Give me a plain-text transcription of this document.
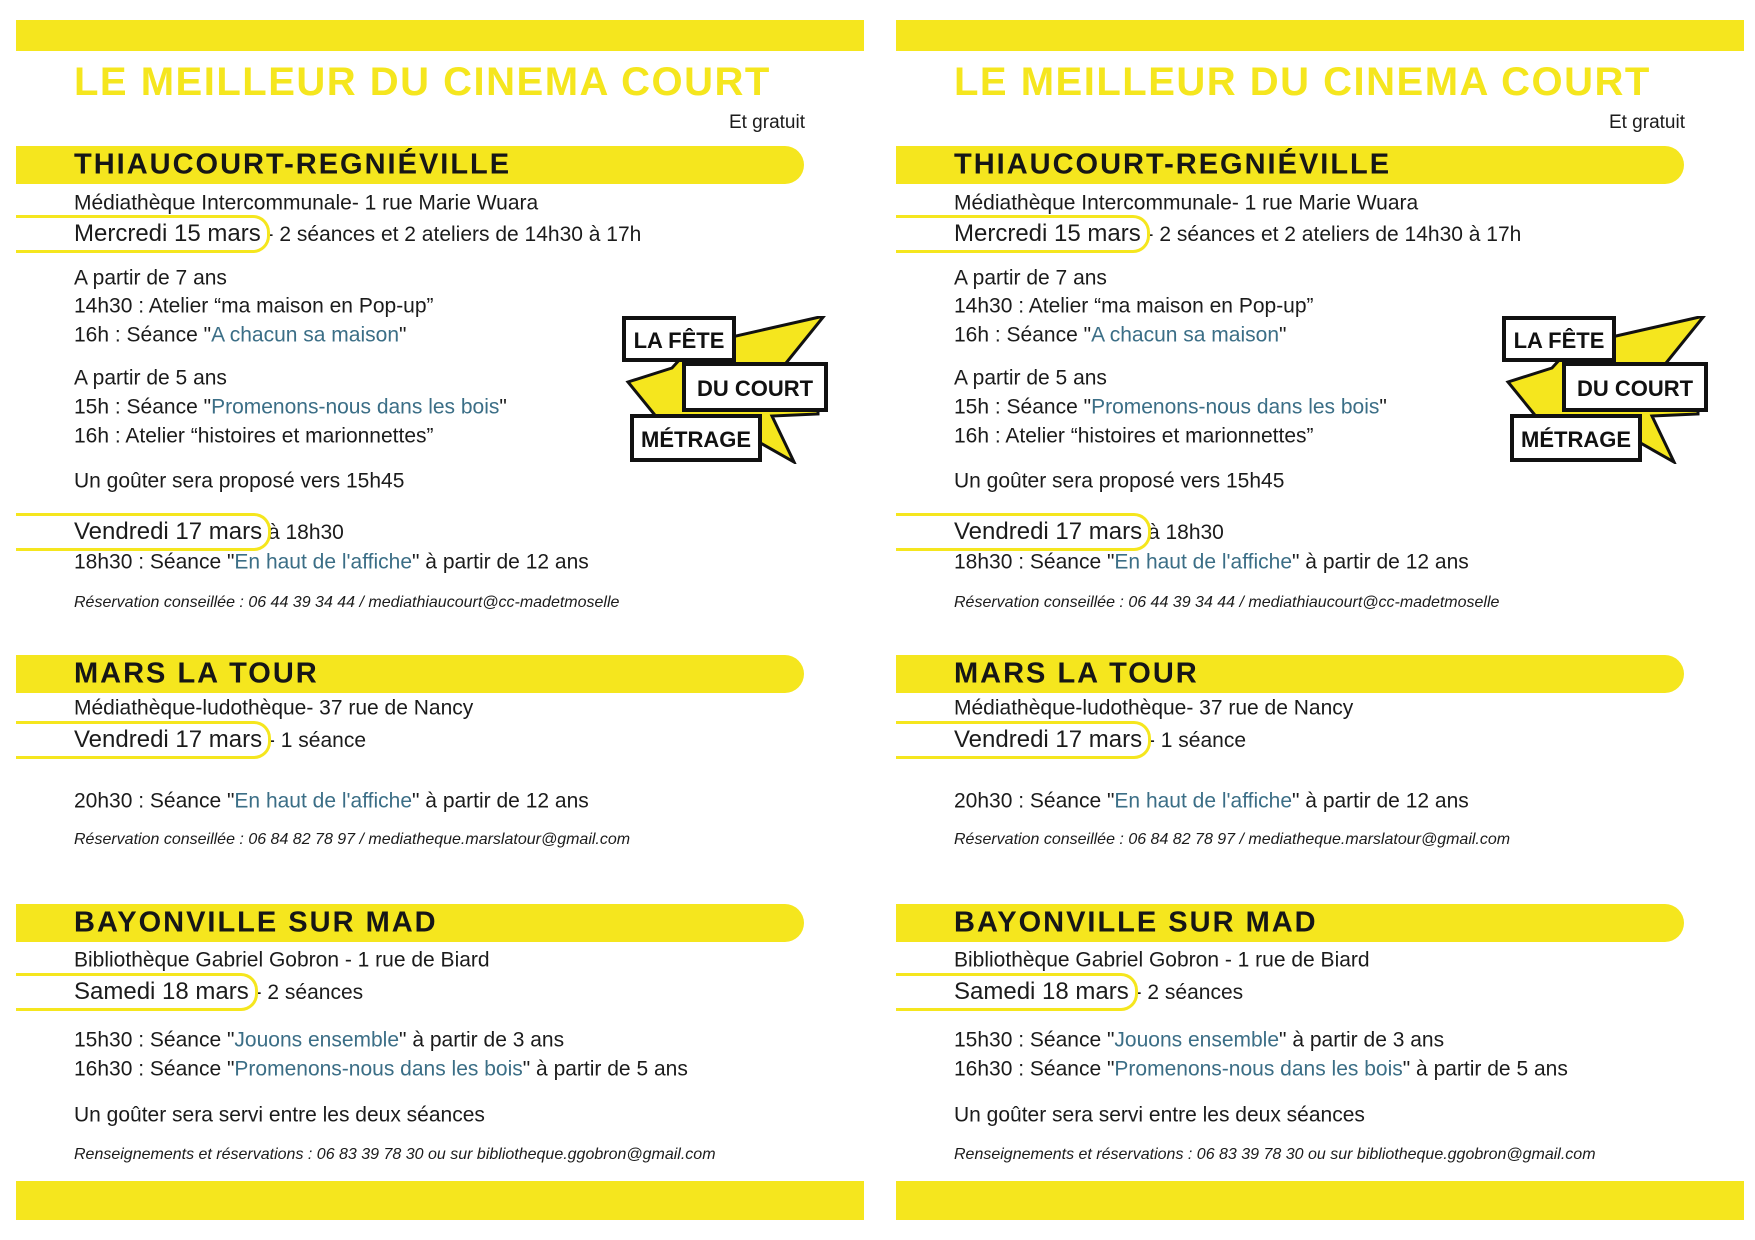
LE MEILLEUR DU CINEMA COURT
Et gratuit
THIAUCOURT-REGNIÉVILLE
Médiathèque Intercommunale- 1 rue Marie Wuara
Mercredi 15 mars - 2 séances et 2 ateliers de 14h30 à 17h
A partir de 7 ans
14h30 : Atelier “ma maison en Pop-up”
16h : Séance "A chacun sa maison"
A partir de 5 ans
15h : Séance "Promenons-nous dans les bois"
16h : Atelier “histoires et marionnettes”
Un goûter sera proposé vers 15h45
Vendredi 17 mars à 18h30
18h30 : Séance "En haut de l'affiche" à partir de 12 ans
Réservation conseillée : 06 44 39 34 44 / mediathiaucourt@cc-madetmoselle
LA FÊTE
DU COURT
MÉTRAGE
MARS LA TOUR
Médiathèque-ludothèque- 37 rue de Nancy
Vendredi 17 mars - 1 séance
20h30 : Séance "En haut de l'affiche" à partir de 12 ans
Réservation conseillée : 06 84 82 78 97 / mediatheque.marslatour@gmail.com
BAYONVILLE SUR MAD
Bibliothèque Gabriel Gobron - 1 rue de Biard
Samedi 18 mars - 2 séances
15h30 : Séance "Jouons ensemble" à partir de 3 ans
16h30 : Séance "Promenons-nous dans les bois" à partir de 5 ans
Un goûter sera servi entre les deux séances
Renseignements et réservations : 06 83 39 78 30 ou sur bibliotheque.ggobron@gmail.com
LE MEILLEUR DU CINEMA COURT
Et gratuit
THIAUCOURT-REGNIÉVILLE
Médiathèque Intercommunale- 1 rue Marie Wuara
Mercredi 15 mars - 2 séances et 2 ateliers de 14h30 à 17h
A partir de 7 ans
14h30 : Atelier “ma maison en Pop-up”
16h : Séance "A chacun sa maison"
A partir de 5 ans
15h : Séance "Promenons-nous dans les bois"
16h : Atelier “histoires et marionnettes”
Un goûter sera proposé vers 15h45
Vendredi 17 mars à 18h30
18h30 : Séance "En haut de l'affiche" à partir de 12 ans
Réservation conseillée : 06 44 39 34 44 / mediathiaucourt@cc-madetmoselle
LA FÊTE
DU COURT
MÉTRAGE
MARS LA TOUR
Médiathèque-ludothèque- 37 rue de Nancy
Vendredi 17 mars - 1 séance
20h30 : Séance "En haut de l'affiche" à partir de 12 ans
Réservation conseillée : 06 84 82 78 97 / mediatheque.marslatour@gmail.com
BAYONVILLE SUR MAD
Bibliothèque Gabriel Gobron - 1 rue de Biard
Samedi 18 mars - 2 séances
15h30 : Séance "Jouons ensemble" à partir de 3 ans
16h30 : Séance "Promenons-nous dans les bois" à partir de 5 ans
Un goûter sera servi entre les deux séances
Renseignements et réservations : 06 83 39 78 30 ou sur bibliotheque.ggobron@gmail.com
